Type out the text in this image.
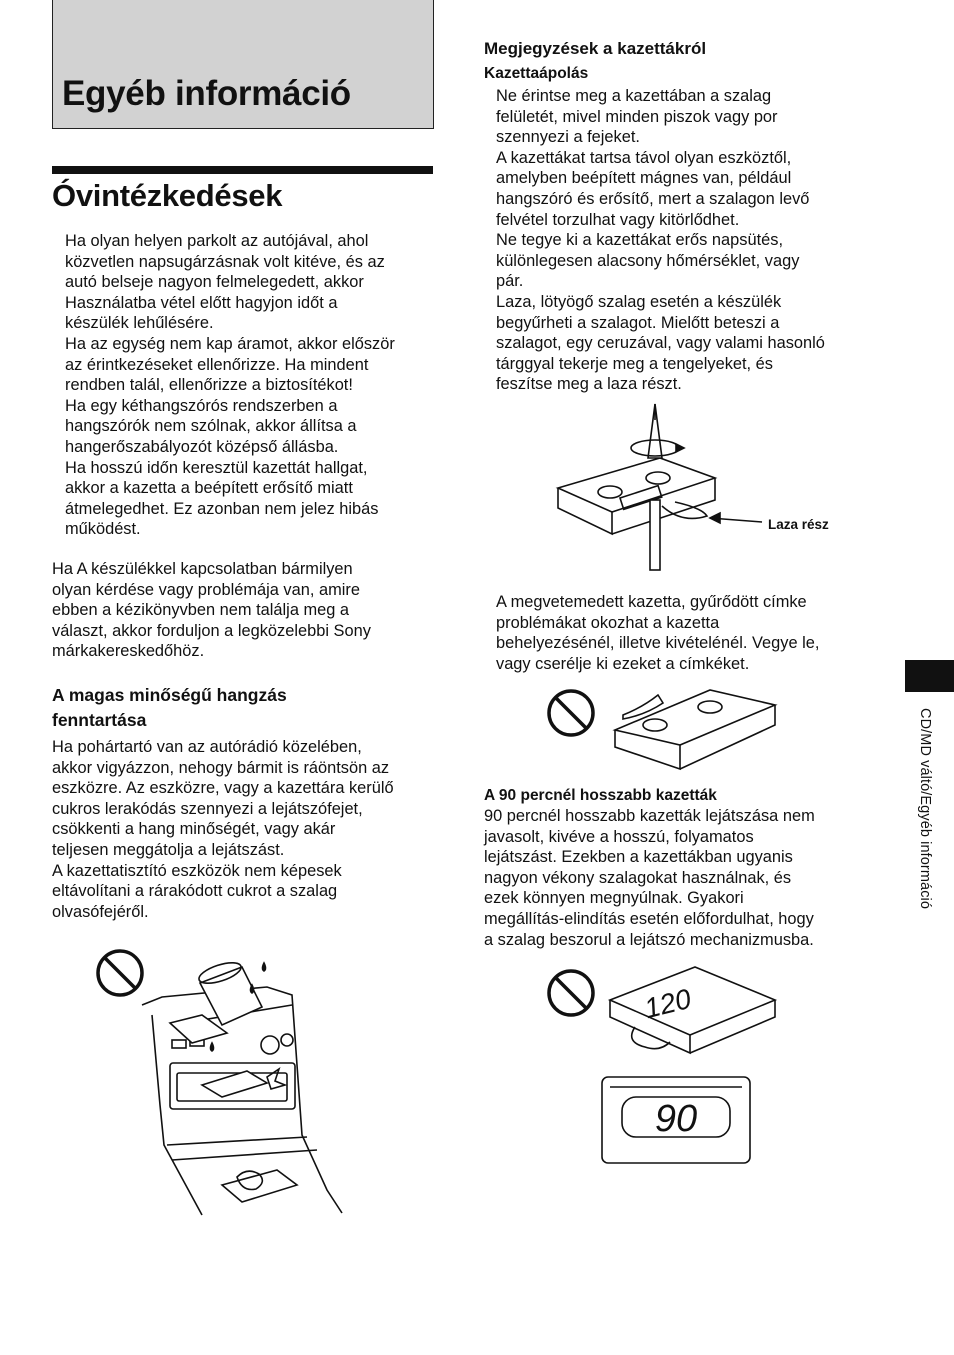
Egyéb információ
Óvintézkedések

Ha olyan helyen parkolt az autójával, ahol

közvetlen napsugárzásnak volt kitéve, és az

autó belseje nagyon felmelegedett, akkor

Használatba vétel előtt hagyjon időt a

készülék lehűlésére.

Ha az egység nem kap áramot, akkor először

az érintkezéseket ellenőrizze. Ha mindent

rendben talál, ellenőrizze a biztosítékot!

Ha egy kéthangszórós rendszerben a

hangszórók nem szólnak, akkor állítsa a

hangerőszabályozót középső állásba.

Ha hosszú időn keresztül kazettát hallgat,

akkor a kazetta a beépített erősítő miatt

átmelegedhet. Ez azonban nem jelez hibás

működést.

Ha A készülékkel kapcsolatban bármilyen

olyan kérdése vagy problémája van, amire

ebben a kézikönyvben nem találja meg a

választ, akkor forduljon a legközelebbi Sony

márkakereskedőhöz.

A magas minőségű hangzás
fenntartása

Ha pohártartó van az autórádió közelében,

akkor vigyázzon, nehogy bármit is ráöntsön az

eszközre. Az eszközre, vagy a kazettára kerülő

cukros lerakódás szennyezi a lejátszófejet,

csökkenti a hang minőségét, vagy akár

teljesen meggátolja a lejátszást.

A kazettatisztító eszközök nem képesek

eltávolítani a rárakódott cukrot a szalag

olvasófejéről.

Megjegyzések a kazettákról
Kazettaápolás

Ne érintse meg a kazettában a szalag

felületét, mivel minden piszok vagy por

szennyezi a fejeket.

A kazettákat tartsa távol olyan eszköztől,

amelyben beépített mágnes van, például

hangszóró és erősítő, mert a szalagon levő

felvétel torzulhat vagy kitörlődhet.

Ne tegye ki a kazettákat erős napsütés,

különlegesen alacsony hőmérséklet, vagy

pár.

Laza, lötyögő szalag esetén a készülék

begyűrheti a szalagot. Mielőtt beteszi a

szalagot, egy ceruzával, vagy valami hasonló

tárggyal tekerje meg a tengelyeket, és

feszítse meg a laza részt.

Laza rész

A megvetemedett kazetta, gyűrődött címke

problémákat okozhat a kazetta

behelyezésénél, illetve kivételénél. Vegye le,

vagy cserélje ki ezeket a címkéket.

A 90 percnél hosszabb kazetták

90 percnél hosszabb kazetták lejátszása nem

javasolt, kivéve a hosszú, folyamatos

lejátszást. Ezekben a kazettákban ugyanis

nagyon vékony szalagokat használnak, és

ezek könnyen megnyúlnak. Gyakori

megállítás-elindítás esetén előfordulhat, hogy

a szalag beszorul a lejátszó mechanizmusba.

120
90
CD/MD váltó/Egyéb információ
